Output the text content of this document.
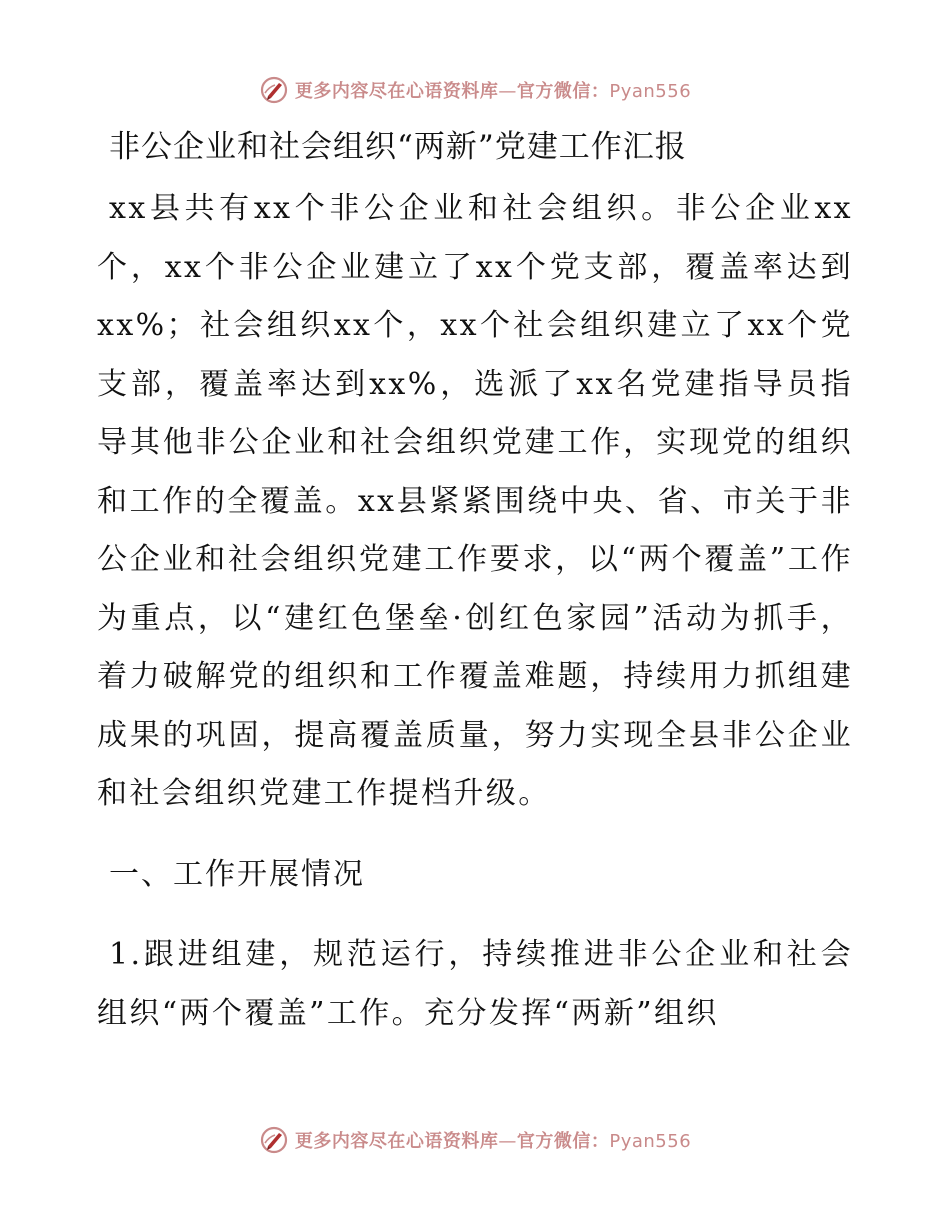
更多内容尽在心语资料库—官方微信：Pyan556
非公企业和社会组织“两新”党建工作汇报

xx县共有xx个非公企业和社会组织。非公企业xx个，xx个非公企业建立了xx个党支部，覆盖率达到xx%；社会组织xx个，xx个社会组织建立了xx个党支部，覆盖率达到xx%，选派了xx名党建指导员指导其他非公企业和社会组织党建工作，实现党的组织和工作的全覆盖。xx县紧紧围绕中央、省、市关于非公企业和社会组织党建工作要求，以“两个覆盖”工作为重点，以“建红色堡垒·创红色家园”活动为抓手，着力破解党的组织和工作覆盖难题，持续用力抓组建成果的巩固，提高覆盖质量，努力实现全县非公企业和社会组织党建工作提档升级。

一、工作开展情况

1.跟进组建，规范运行，持续推进非公企业和社会组织“两个覆盖”工作。充分发挥“两新”组织

更多内容尽在心语资料库—官方微信：Pyan556
